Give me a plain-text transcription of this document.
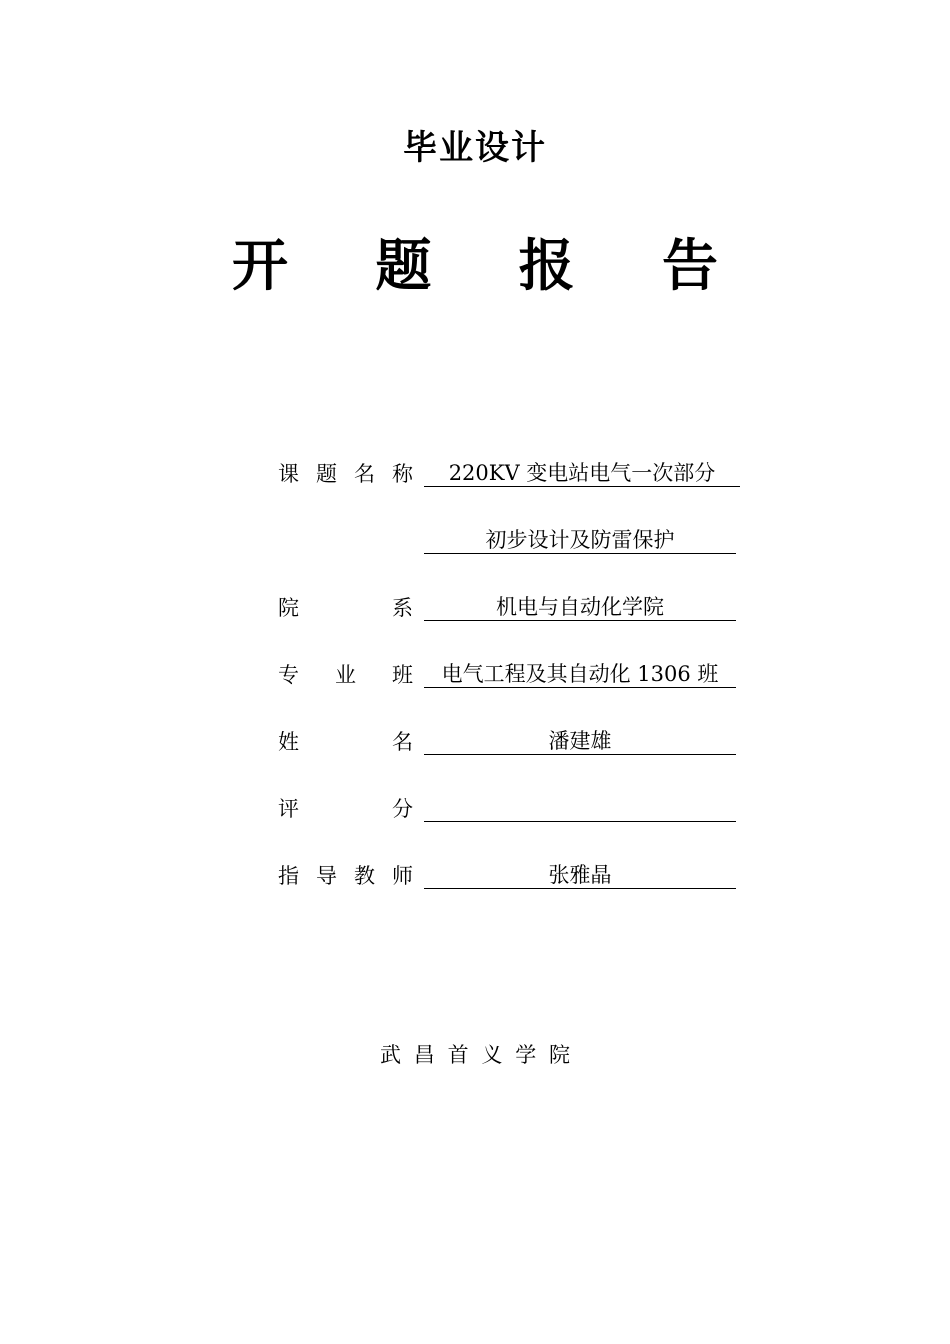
毕业设计
开 题 报 告
课 题 名 称	220KV 变电站电气一次部分
初步设计及防雷保护
院	系	机电与自动化学院
专 业 班	电气工程及其自动化 1306 班
姓	名	潘建雄
评	分
指 导 教 师	张雅晶
武 昌 首 义 学 院
